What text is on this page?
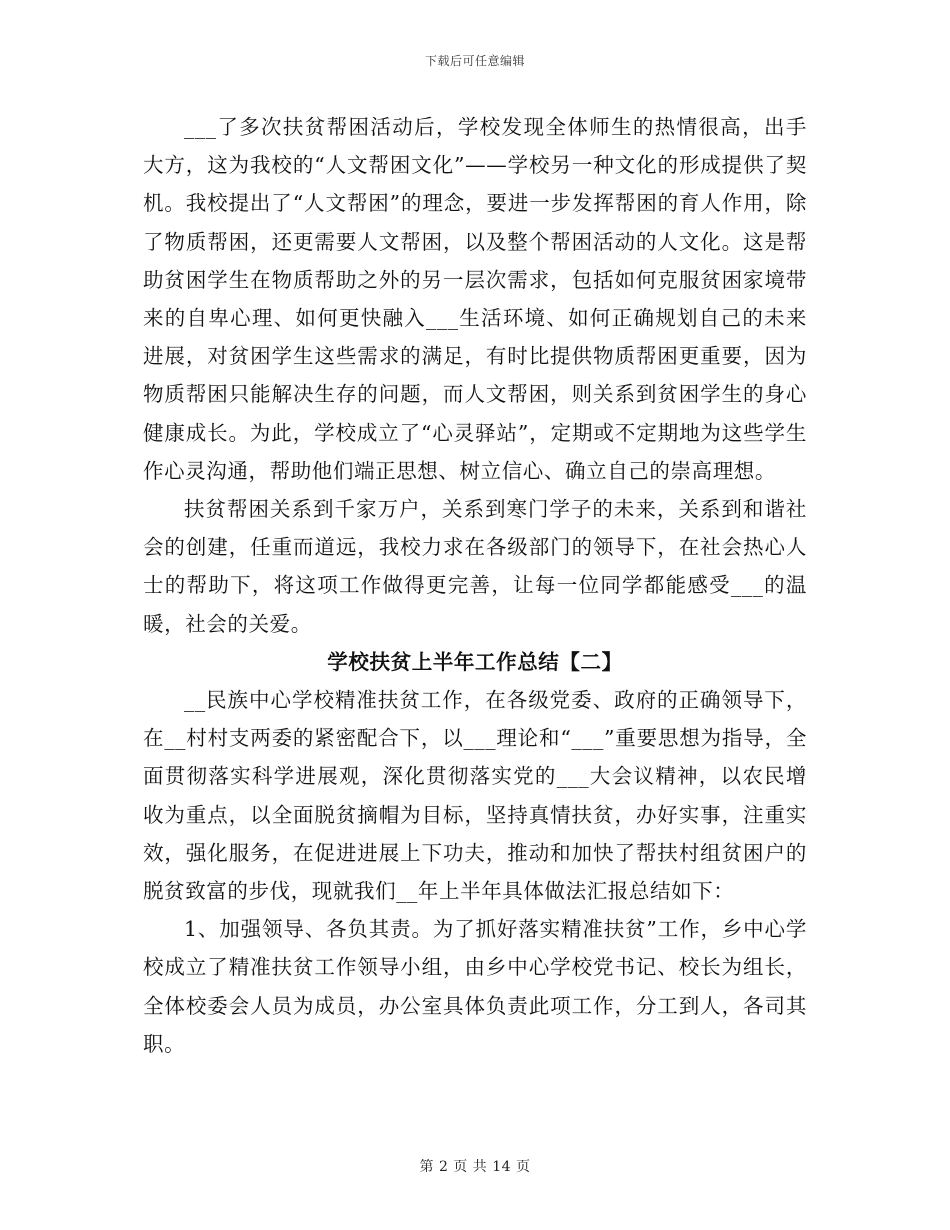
下载后可任意编辑

___了多次扶贫帮困活动后，学校发现全体师生的热情很高，出手大方，这为我校的“人文帮困文化”——学校另一种文化的形成提供了契机。我校提出了“人文帮困”的理念，要进一步发挥帮困的育人作用，除了物质帮困，还更需要人文帮困，以及整个帮困活动的人文化。这是帮助贫困学生在物质帮助之外的另一层次需求，包括如何克服贫困家境带来的自卑心理、如何更快融入___生活环境、如何正确规划自己的未来进展，对贫困学生这些需求的满足，有时比提供物质帮困更重要，因为物质帮困只能解决生存的问题，而人文帮困，则关系到贫困学生的身心健康成长。为此，学校成立了“心灵驿站”，定期或不定期地为这些学生作心灵沟通，帮助他们端正思想、树立信心、确立自己的崇高理想。

扶贫帮困关系到千家万户，关系到寒门学子的未来，关系到和谐社会的创建，任重而道远，我校力求在各级部门的领导下，在社会热心人士的帮助下，将这项工作做得更完善，让每一位同学都能感受___的温暖，社会的关爱。

学校扶贫上半年工作总结【二】

__民族中心学校精准扶贫工作，在各级党委、政府的正确领导下，在__村村支两委的紧密配合下，以___理论和“___”重要思想为指导，全面贯彻落实科学进展观，深化贯彻落实党的___大会议精神，以农民增收为重点，以全面脱贫摘帽为目标，坚持真情扶贫，办好实事，注重实效，强化服务，在促进进展上下功夫，推动和加快了帮扶村组贫困户的脱贫致富的步伐，现就我们__年上半年具体做法汇报总结如下：

1、加强领导、各负其责。为了抓好落实精准扶贫”工作，乡中心学校成立了精准扶贫工作领导小组，由乡中心学校党书记、校长为组长，全体校委会人员为成员，办公室具体负责此项工作，分工到人，各司其职。

第 2 页 共 14 页
